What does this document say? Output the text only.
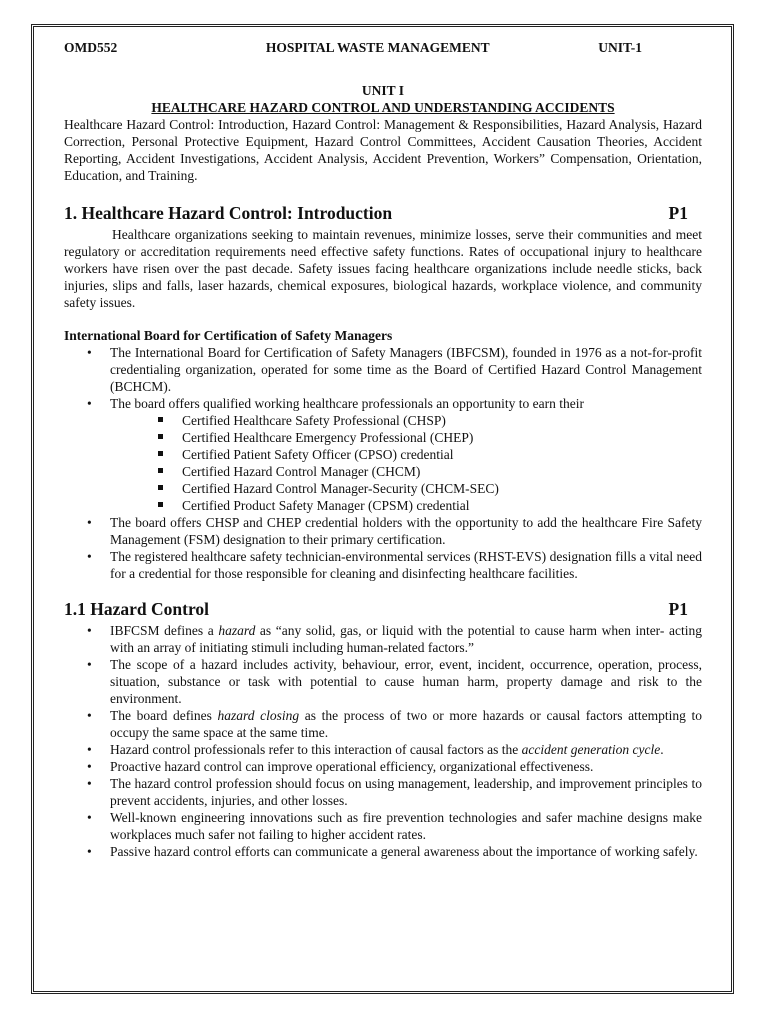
OMD552	HOSPITAL WASTE MANAGEMENT	UNIT-1
UNIT I
HEALTHCARE HAZARD CONTROL AND UNDERSTANDING ACCIDENTS
Healthcare Hazard Control: Introduction, Hazard Control: Management & Responsibilities, Hazard Analysis, Hazard Correction, Personal Protective Equipment, Hazard Control Committees, Accident Causation Theories, Accident Reporting, Accident Investigations, Accident Analysis, Accident Prevention, Workers” Compensation, Orientation, Education, and Training.
1. Healthcare Hazard Control: Introduction	P1
Healthcare organizations seeking to maintain revenues, minimize losses, serve their communities and meet regulatory or accreditation requirements need effective safety functions. Rates of occupational injury to healthcare workers have risen over the past decade. Safety issues facing healthcare organizations include needle sticks, back injuries, slips and falls, laser hazards, chemical exposures, biological hazards, workplace violence, and community safety issues.
International Board for Certification of Safety Managers
• The International Board for Certification of Safety Managers (IBFCSM), founded in 1976 as a not-for-profit credentialing organization, operated for some time as the Board of Certified Hazard Control Management (BCHCM).
• The board offers qualified working healthcare professionals an opportunity to earn their
Certified Healthcare Safety Professional (CHSP)
Certified Healthcare Emergency Professional (CHEP)
Certified Patient Safety Officer (CPSO) credential
Certified Hazard Control Manager (CHCM)
Certified Hazard Control Manager-Security (CHCM-SEC)
Certified Product Safety Manager (CPSM) credential
• The board offers CHSP and CHEP credential holders with the opportunity to add the healthcare Fire Safety Management (FSM) designation to their primary certification.
• The registered healthcare safety technician-environmental services (RHST-EVS) designation fills a vital need for a credential for those responsible for cleaning and disinfecting healthcare facilities.
1.1 Hazard Control	P1
• IBFCSM defines a hazard as “any solid, gas, or liquid with the potential to cause harm when inter- acting with an array of initiating stimuli including human-related factors.”
• The scope of a hazard includes activity, behaviour, error, event, incident, occurrence, operation, process, situation, substance or task with potential to cause human harm, property damage and risk to the environment.
• The board defines hazard closing as the process of two or more hazards or causal factors attempting to occupy the same space at the same time.
• Hazard control professionals refer to this interaction of causal factors as the accident generation cycle.
• Proactive hazard control can improve operational efficiency, organizational effectiveness.
• The hazard control profession should focus on using management, leadership, and improvement principles to prevent accidents, injuries, and other losses.
• Well-known engineering innovations such as fire prevention technologies and safer machine designs make workplaces much safer not failing to higher accident rates.
• Passive hazard control efforts can communicate a general awareness about the importance of working safely.
